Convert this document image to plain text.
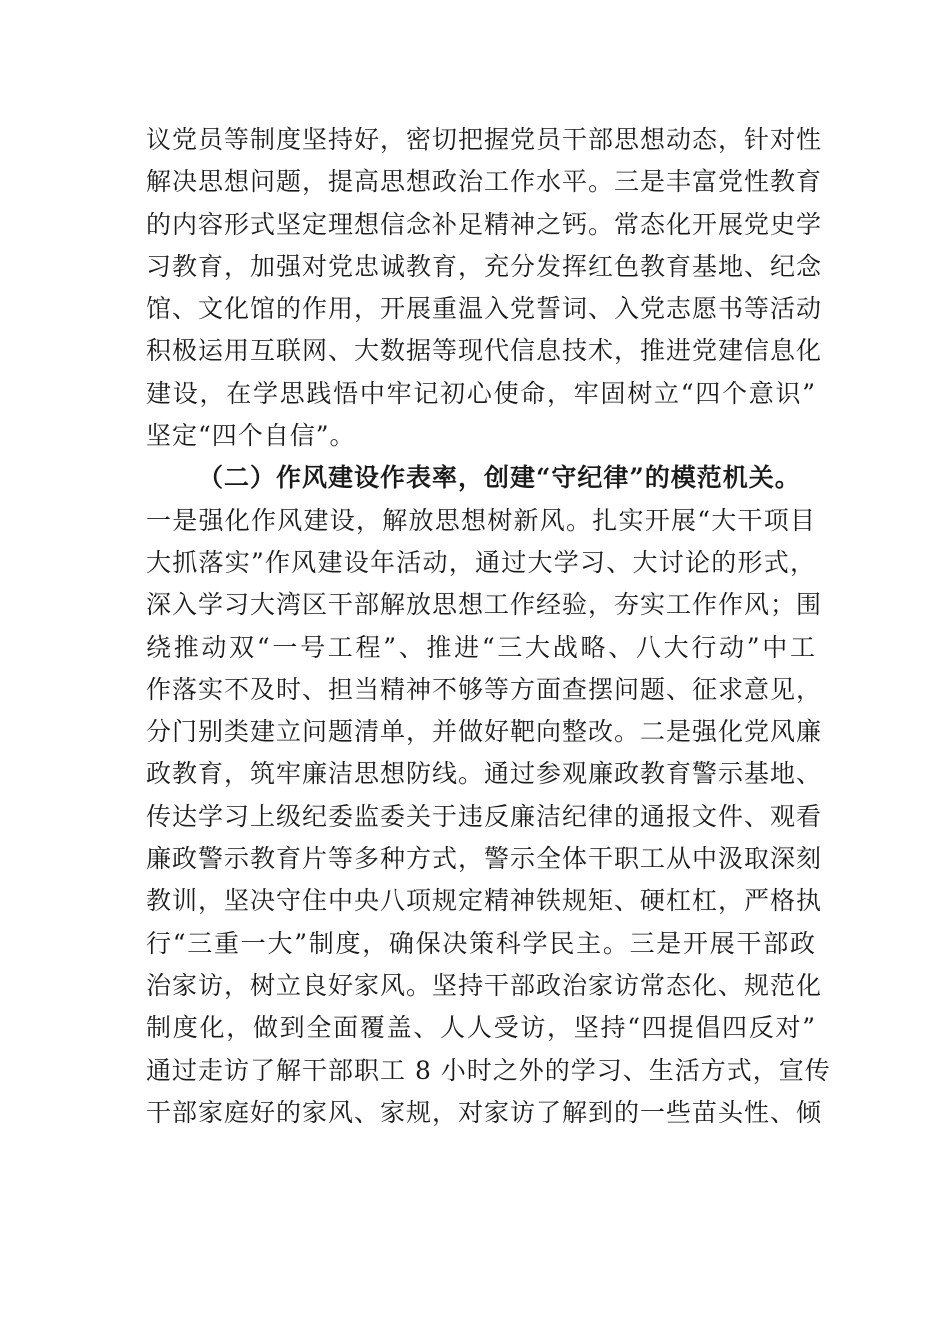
议党员等制度坚持好，密切把握党员干部思想动态，针对性
解决思想问题，提高思想政治工作水平。三是丰富党性教育
的内容形式坚定理想信念补足精神之钙。常态化开展党史学
习教育，加强对党忠诚教育，充分发挥红色教育基地、纪念
馆、文化馆的作用，开展重温入党誓词、入党志愿书等活动
积极运用互联网、大数据等现代信息技术，推进党建信息化
建设，在学思践悟中牢记初心使命，牢固树立“四个意识”
坚定“四个自信”。
（二）作风建设作表率，创建“守纪律”的模范机关。
一是强化作风建设，解放思想树新风。扎实开展“大干项目
大抓落实”作风建设年活动，通过大学习、大讨论的形式，
深入学习大湾区干部解放思想工作经验，夯实工作作风；围
绕推动双“一号工程”、推进“三大战略、八大行动”中工
作落实不及时、担当精神不够等方面查摆问题、征求意见，
分门别类建立问题清单，并做好靶向整改。二是强化党风廉
政教育，筑牢廉洁思想防线。通过参观廉政教育警示基地、
传达学习上级纪委监委关于违反廉洁纪律的通报文件、观看
廉政警示教育片等多种方式，警示全体干职工从中汲取深刻
教训，坚决守住中央八项规定精神铁规矩、硬杠杠，严格执
行“三重一大”制度，确保决策科学民主。三是开展干部政
治家访，树立良好家风。坚持干部政治家访常态化、规范化
制度化，做到全面覆盖、人人受访，坚持“四提倡四反对”
通过走访了解干部职工 8 小时之外的学习、生活方式，宣传
干部家庭好的家风、家规，对家访了解到的一些苗头性、倾
